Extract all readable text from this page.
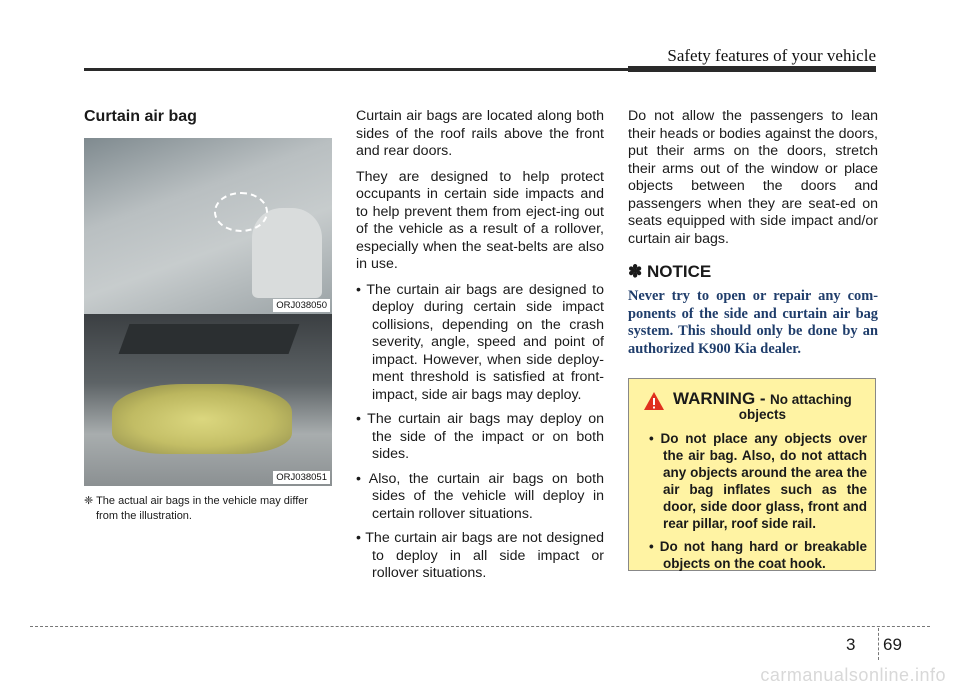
Safety features of your vehicle
Curtain air bag
ORJ038050
ORJ038051
❈ The actual air bags in the vehicle may differ from the illustration.

Curtain air bags are located along both sides of the roof rails above the front and rear doors.

They are designed to help protect occupants in certain side impacts and to help prevent them from eject-ing out of the vehicle as a result of a rollover, especially when the seat-belts are also in use.

• The curtain air bags are designed to deploy during certain side impact collisions, depending on the crash severity, angle, speed and point of impact. However, when side deploy-ment threshold is satisfied at front-impact, side air bags may deploy.

• The curtain air bags may deploy on the side of the impact or on both sides.

• Also, the curtain air bags on both sides of the vehicle will deploy in certain rollover situations.

• The curtain air bags are not designed to deploy in all side impact or rollover situations.

Do not allow the passengers to lean their heads or bodies against the doors, put their arms on the doors, stretch their arms out of the window or place objects between the doors and passengers when they are seat-ed on seats equipped with side impact and/or curtain air bags.

✽ NOTICE

Never try to open or repair any com-ponents of the side and curtain air bag system. This should only be done by an authorized K900 Kia dealer.

WARNING - No attaching
objects

• Do not place any objects over the air bag. Also, do not attach any objects around the area the air bag inflates such as the door, side door glass, front and rear pillar, roof side rail.

• Do not hang hard or breakable objects on the coat hook.

3 69
carmanualsonline.info
